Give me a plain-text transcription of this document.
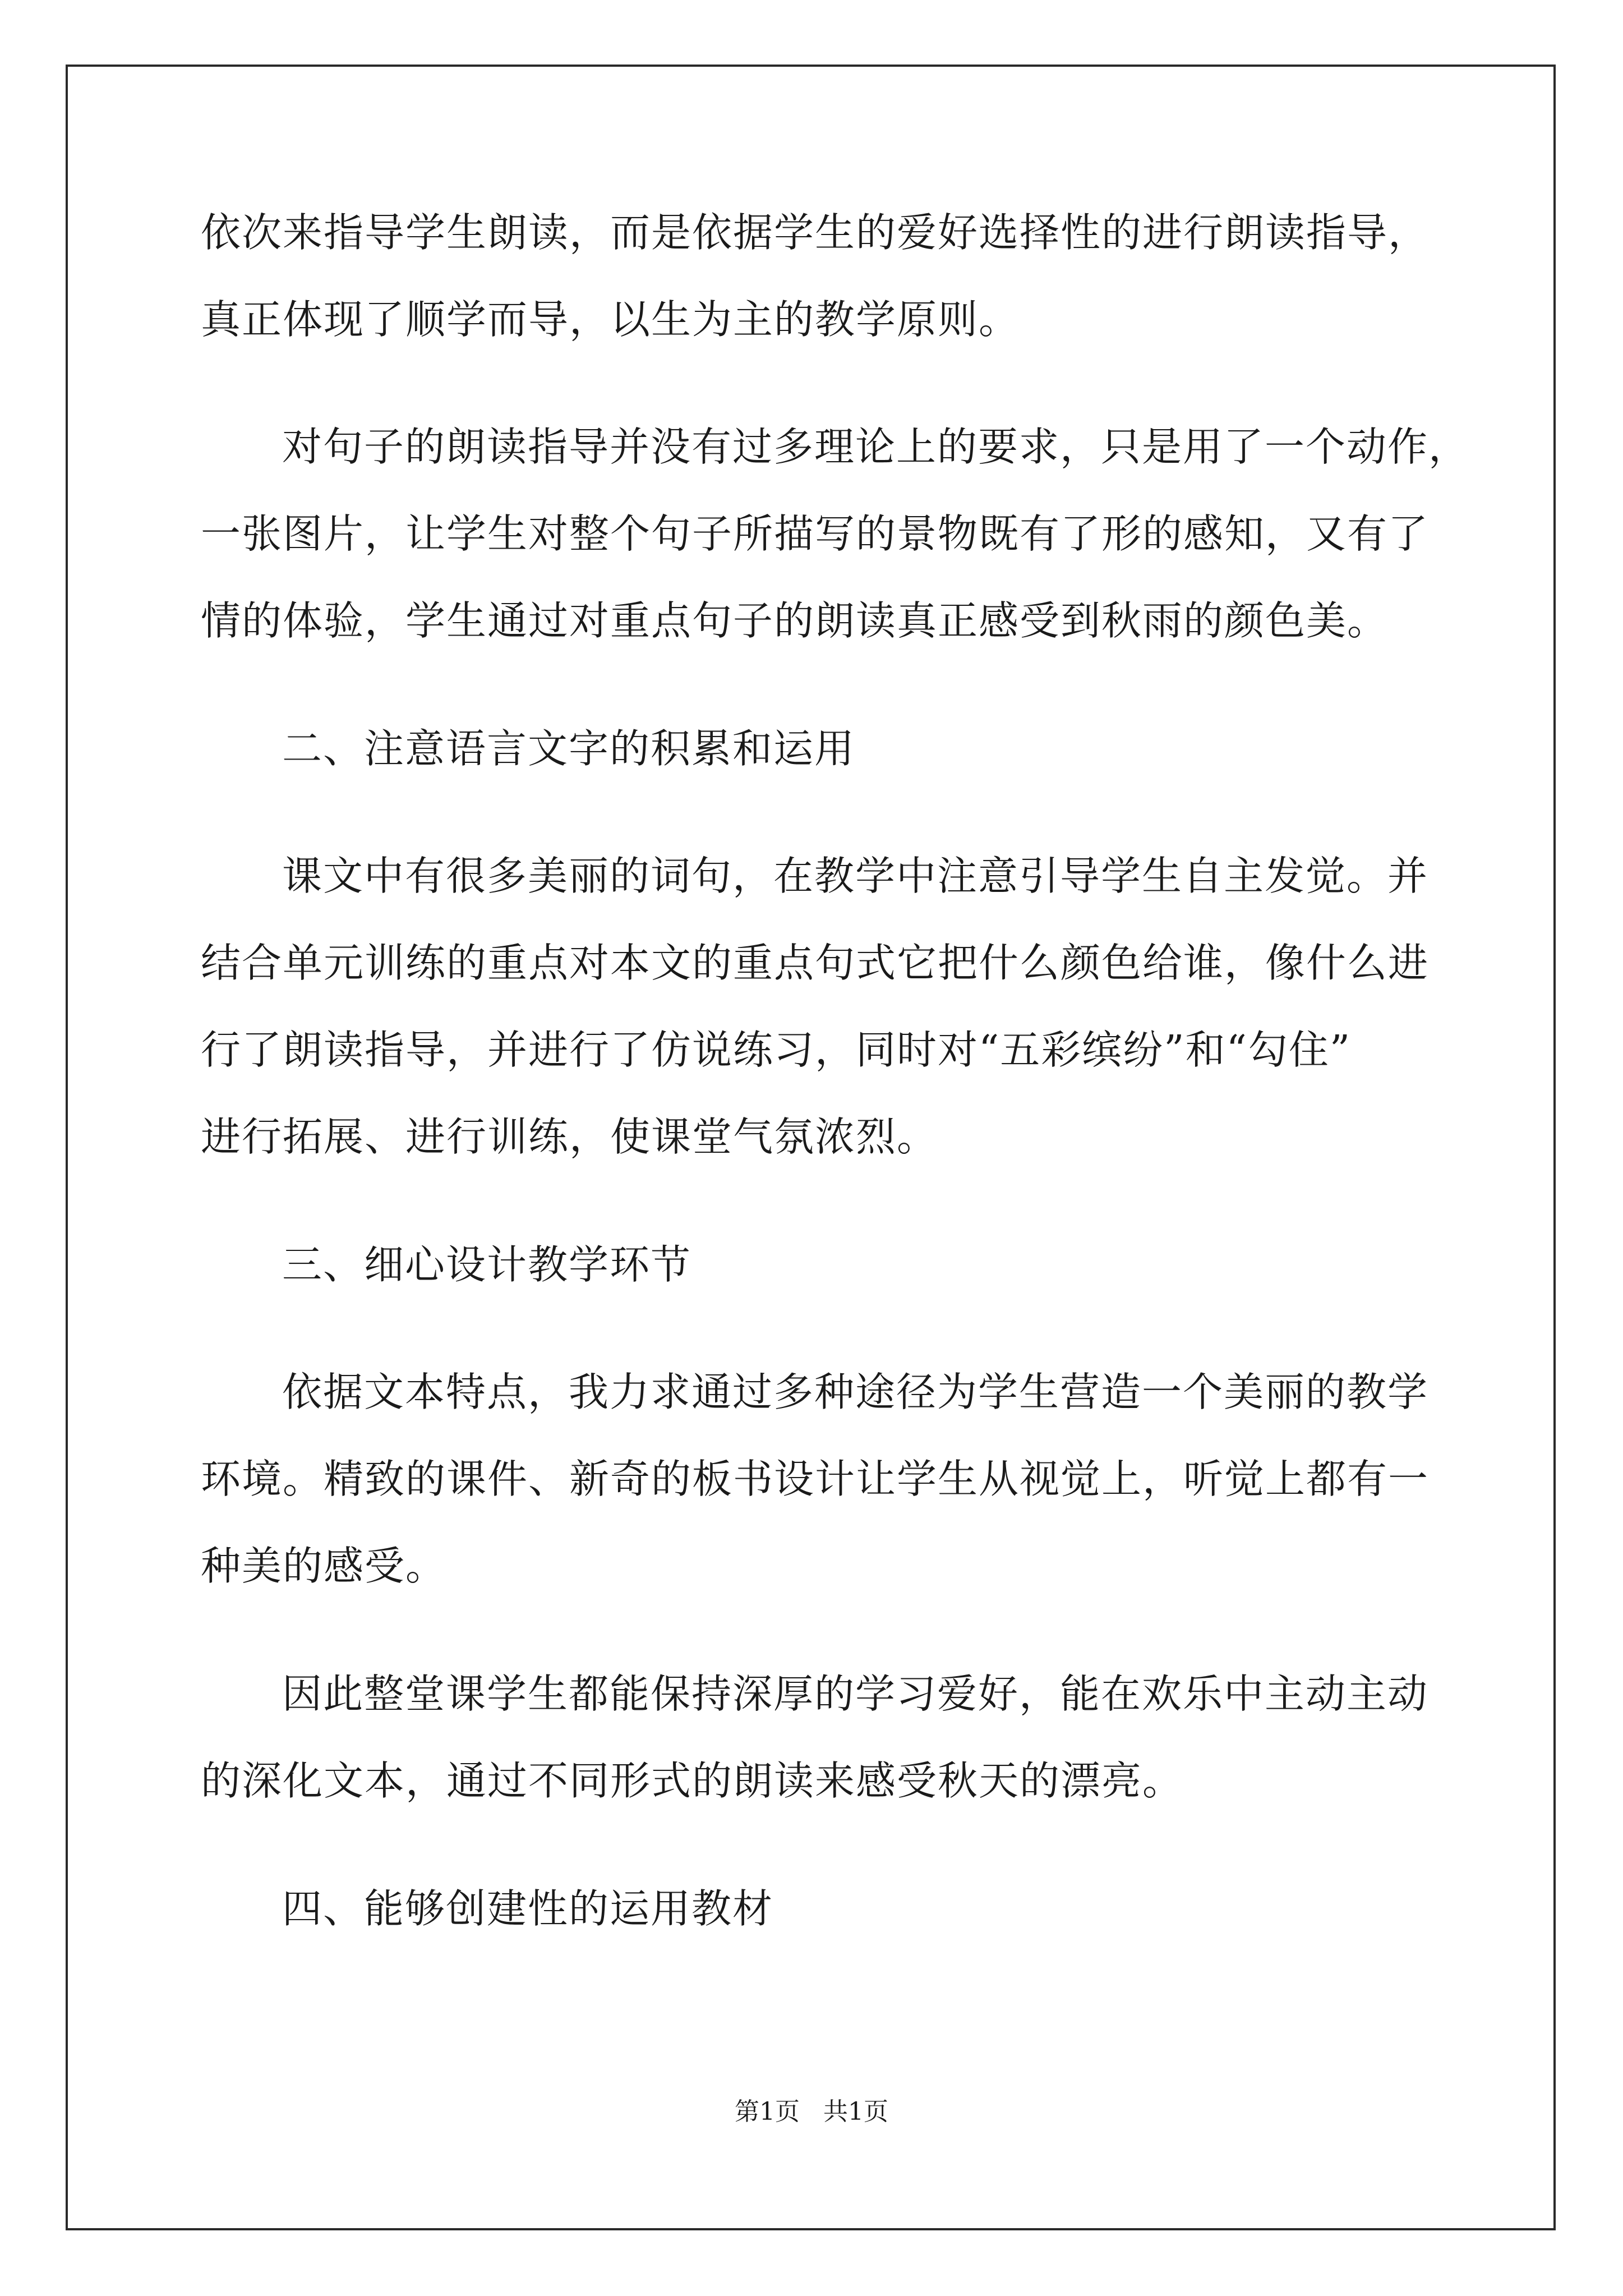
依次来指导学生朗读，而是依据学生的爱好选择性的进行朗读指导，
真正体现了顺学而导，以生为主的教学原则。
对句子的朗读指导并没有过多理论上的要求，只是用了一个动作，
一张图片，让学生对整个句子所描写的景物既有了形的感知，又有了
情的体验，学生通过对重点句子的朗读真正感受到秋雨的颜色美。
二、注意语言文字的积累和运用
课文中有很多美丽的词句，在教学中注意引导学生自主发觉。并
结合单元训练的重点对本文的重点句式它把什么颜色给谁，像什么进
行了朗读指导，并进行了仿说练习，同时对“五彩缤纷”和“勾住”
进行拓展、进行训练，使课堂气氛浓烈。
三、细心设计教学环节
依据文本特点，我力求通过多种途径为学生营造一个美丽的教学
环境。精致的课件、新奇的板书设计让学生从视觉上，听觉上都有一
种美的感受。
因此整堂课学生都能保持深厚的学习爱好，能在欢乐中主动主动
的深化文本，通过不同形式的朗读来感受秋天的漂亮。
四、能够创建性的运用教材
第1页 共1页
